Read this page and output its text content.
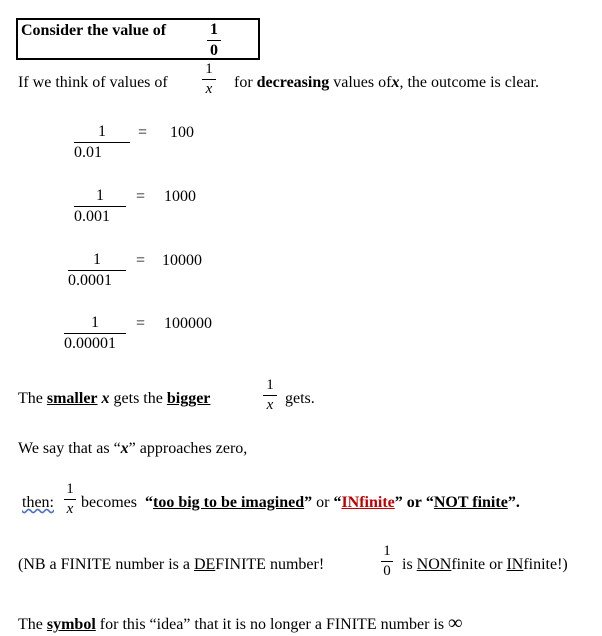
Consider the value of	1
0
If we think of values of
1
x for decreasing values ofx, the outcome is clear.
1
0.01
= 100
1
0.001
= 1000
1
0.0001
= 10000
1
0.00001
= 100000
The smaller x gets the bigger
1
x gets.
We say that as “x” approaches zero,
then:
1
x becomes “too big to be imagined” or “INfinite” or “NOT finite”.
(NB a FINITE number is a DEFINITE number!
1
0 is NONfinite or INfinite!)
The symbol for this “idea” that it is no longer a FINITE number is ∞
